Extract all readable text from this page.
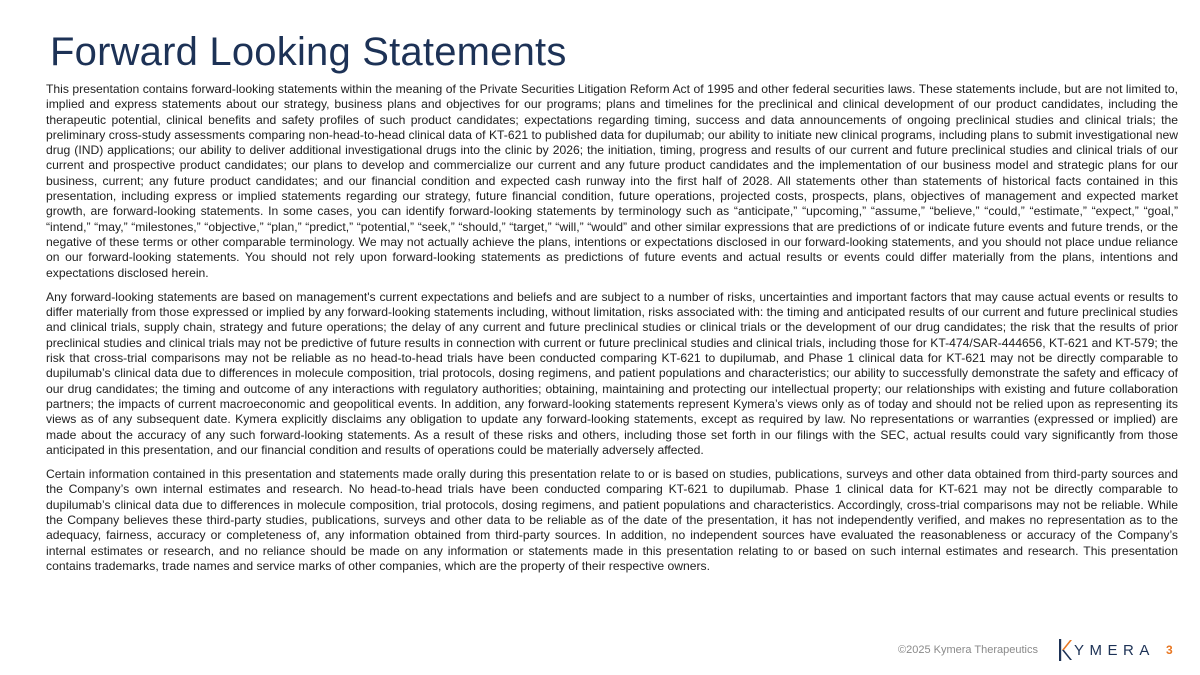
Forward Looking Statements

This presentation contains forward-looking statements within the meaning of the Private Securities Litigation Reform Act of 1995 and other federal securities laws. These statements include, but are not limited to, implied and express statements about our strategy, business plans and objectives for our programs; plans and timelines for the preclinical and clinical development of our product candidates, including the therapeutic potential, clinical benefits and safety profiles of such product candidates; expectations regarding timing, success and data announcements of ongoing preclinical studies and clinical trials; the preliminary cross-study assessments comparing non-head-to-head clinical data of KT-621 to published data for dupilumab; our ability to initiate new clinical programs, including plans to submit investigational new drug (IND) applications; our ability to deliver additional investigational drugs into the clinic by 2026; the initiation, timing, progress and results of our current and future preclinical studies and clinical trials of our current and prospective product candidates; our plans to develop and commercialize our current and any future product candidates and the implementation of our business model and strategic plans for our business, current; any future product candidates; and our financial condition and expected cash runway into the first half of 2028. All statements other than statements of historical facts contained in this presentation, including express or implied statements regarding our strategy, future financial condition, future operations, projected costs, prospects, plans, objectives of management and expected market growth, are forward-looking statements. In some cases, you can identify forward-looking statements by terminology such as “anticipate,” “upcoming,” “assume,” “believe,” “could,” “estimate,” “expect,” “goal,” “intend,” “may,” “milestones,” “objective,” “plan,” “predict,” “potential,” “seek,” “should,” “target,” “will,” “would” and other similar expressions that are predictions of or indicate future events and future trends, or the negative of these terms or other comparable terminology. We may not actually achieve the plans, intentions or expectations disclosed in our forward-looking statements, and you should not place undue reliance on our forward-looking statements. You should not rely upon forward-looking statements as predictions of future events and actual results or events could differ materially from the plans, intentions and expectations disclosed herein.

Any forward-looking statements are based on management's current expectations and beliefs and are subject to a number of risks, uncertainties and important factors that may cause actual events or results to differ materially from those expressed or implied by any forward-looking statements including, without limitation, risks associated with: the timing and anticipated results of our current and future preclinical studies and clinical trials, supply chain, strategy and future operations; the delay of any current and future preclinical studies or clinical trials or the development of our drug candidates; the risk that the results of prior preclinical studies and clinical trials may not be predictive of future results in connection with current or future preclinical studies and clinical trials, including those for KT-474/SAR-444656, KT-621 and KT-579; the risk that cross-trial comparisons may not be reliable as no head-to-head trials have been conducted comparing KT-621 to dupilumab, and Phase 1 clinical data for KT-621 may not be directly comparable to dupilumab’s clinical data due to differences in molecule composition, trial protocols, dosing regimens, and patient populations and characteristics; our ability to successfully demonstrate the safety and efficacy of our drug candidates; the timing and outcome of any interactions with regulatory authorities; obtaining, maintaining and protecting our intellectual property; our relationships with existing and future collaboration partners; the impacts of current macroeconomic and geopolitical events. In addition, any forward-looking statements represent Kymera’s views only as of today and should not be relied upon as representing its views as of any subsequent date. Kymera explicitly disclaims any obligation to update any forward-looking statements, except as required by law. No representations or warranties (expressed or implied) are made about the accuracy of any such forward-looking statements. As a result of these risks and others, including those set forth in our filings with the SEC, actual results could vary significantly from those anticipated in this presentation, and our financial condition and results of operations could be materially adversely affected.

Certain information contained in this presentation and statements made orally during this presentation relate to or is based on studies, publications, surveys and other data obtained from third-party sources and the Company’s own internal estimates and research. No head-to-head trials have been conducted comparing KT-621 to dupilumab. Phase 1 clinical data for KT-621 may not be directly comparable to dupilumab’s clinical data due to differences in molecule composition, trial protocols, dosing regimens, and patient populations and characteristics. Accordingly, cross-trial comparisons may not be reliable. While the Company believes these third-party studies, publications, surveys and other data to be reliable as of the date of the presentation, it has not independently verified, and makes no representation as to the adequacy, fairness, accuracy or completeness of, any information obtained from third-party sources. In addition, no independent sources have evaluated the reasonableness or accuracy of the Company’s internal estimates or research, and no reliance should be made on any information or statements made in this presentation relating to or based on such internal estimates and research. This presentation contains trademarks, trade names and service marks of other companies, which are the property of their respective owners.

©2025 Kymera Therapeutics YMERA 3
